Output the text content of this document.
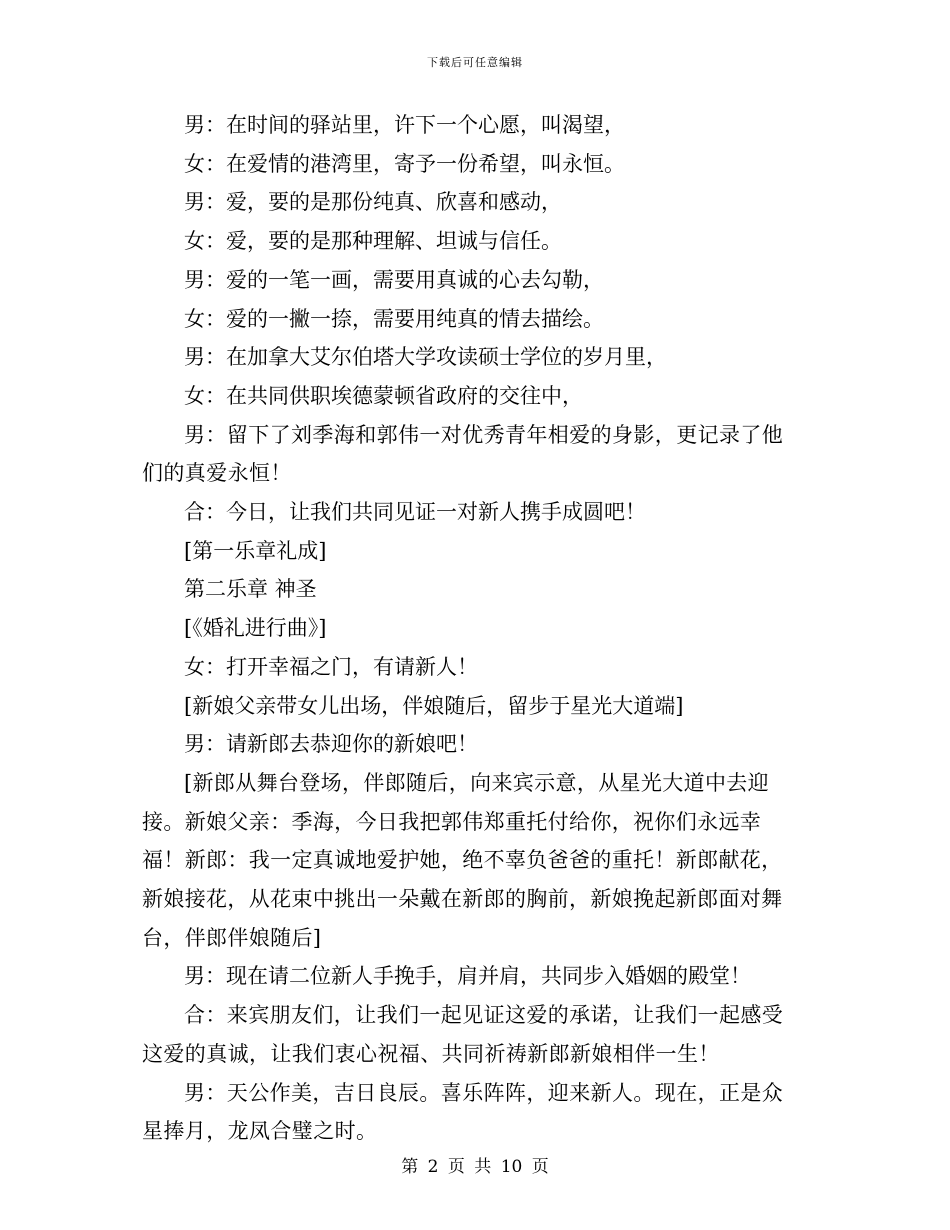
下载后可任意编辑

男：在时间的驿站里，许下一个心愿，叫渴望，

女：在爱情的港湾里，寄予一份希望，叫永恒。

男：爱，要的是那份纯真、欣喜和感动，

女：爱，要的是那种理解、坦诚与信任。

男：爱的一笔一画，需要用真诚的心去勾勒，

女：爱的一撇一捺，需要用纯真的情去描绘。

男：在加拿大艾尔伯塔大学攻读硕士学位的岁月里，

女：在共同供职埃德蒙顿省政府的交往中，

男：留下了刘季海和郭伟一对优秀青年相爱的身影，更记录了他们的真爱永恒！

合：今日，让我们共同见证一对新人携手成圆吧！

[第一乐章礼成]

第二乐章 神圣

[《婚礼进行曲》]

女：打开幸福之门，有请新人！

[新娘父亲带女儿出场，伴娘随后，留步于星光大道端]

男：请新郎去恭迎你的新娘吧！

[新郎从舞台登场，伴郎随后，向来宾示意，从星光大道中去迎接。新娘父亲：季海，今日我把郭伟郑重托付给你，祝你们永远幸福！新郎：我一定真诚地爱护她，绝不辜负爸爸的重托！新郎献花，新娘接花，从花束中挑出一朵戴在新郎的胸前，新娘挽起新郎面对舞台，伴郎伴娘随后]

男：现在请二位新人手挽手，肩并肩，共同步入婚姻的殿堂！

合：来宾朋友们，让我们一起见证这爱的承诺，让我们一起感受这爱的真诚，让我们衷心祝福、共同祈祷新郎新娘相伴一生！

男：天公作美，吉日良辰。喜乐阵阵，迎来新人。现在，正是众星捧月，龙凤合璧之时。

第 2 页 共 10 页
